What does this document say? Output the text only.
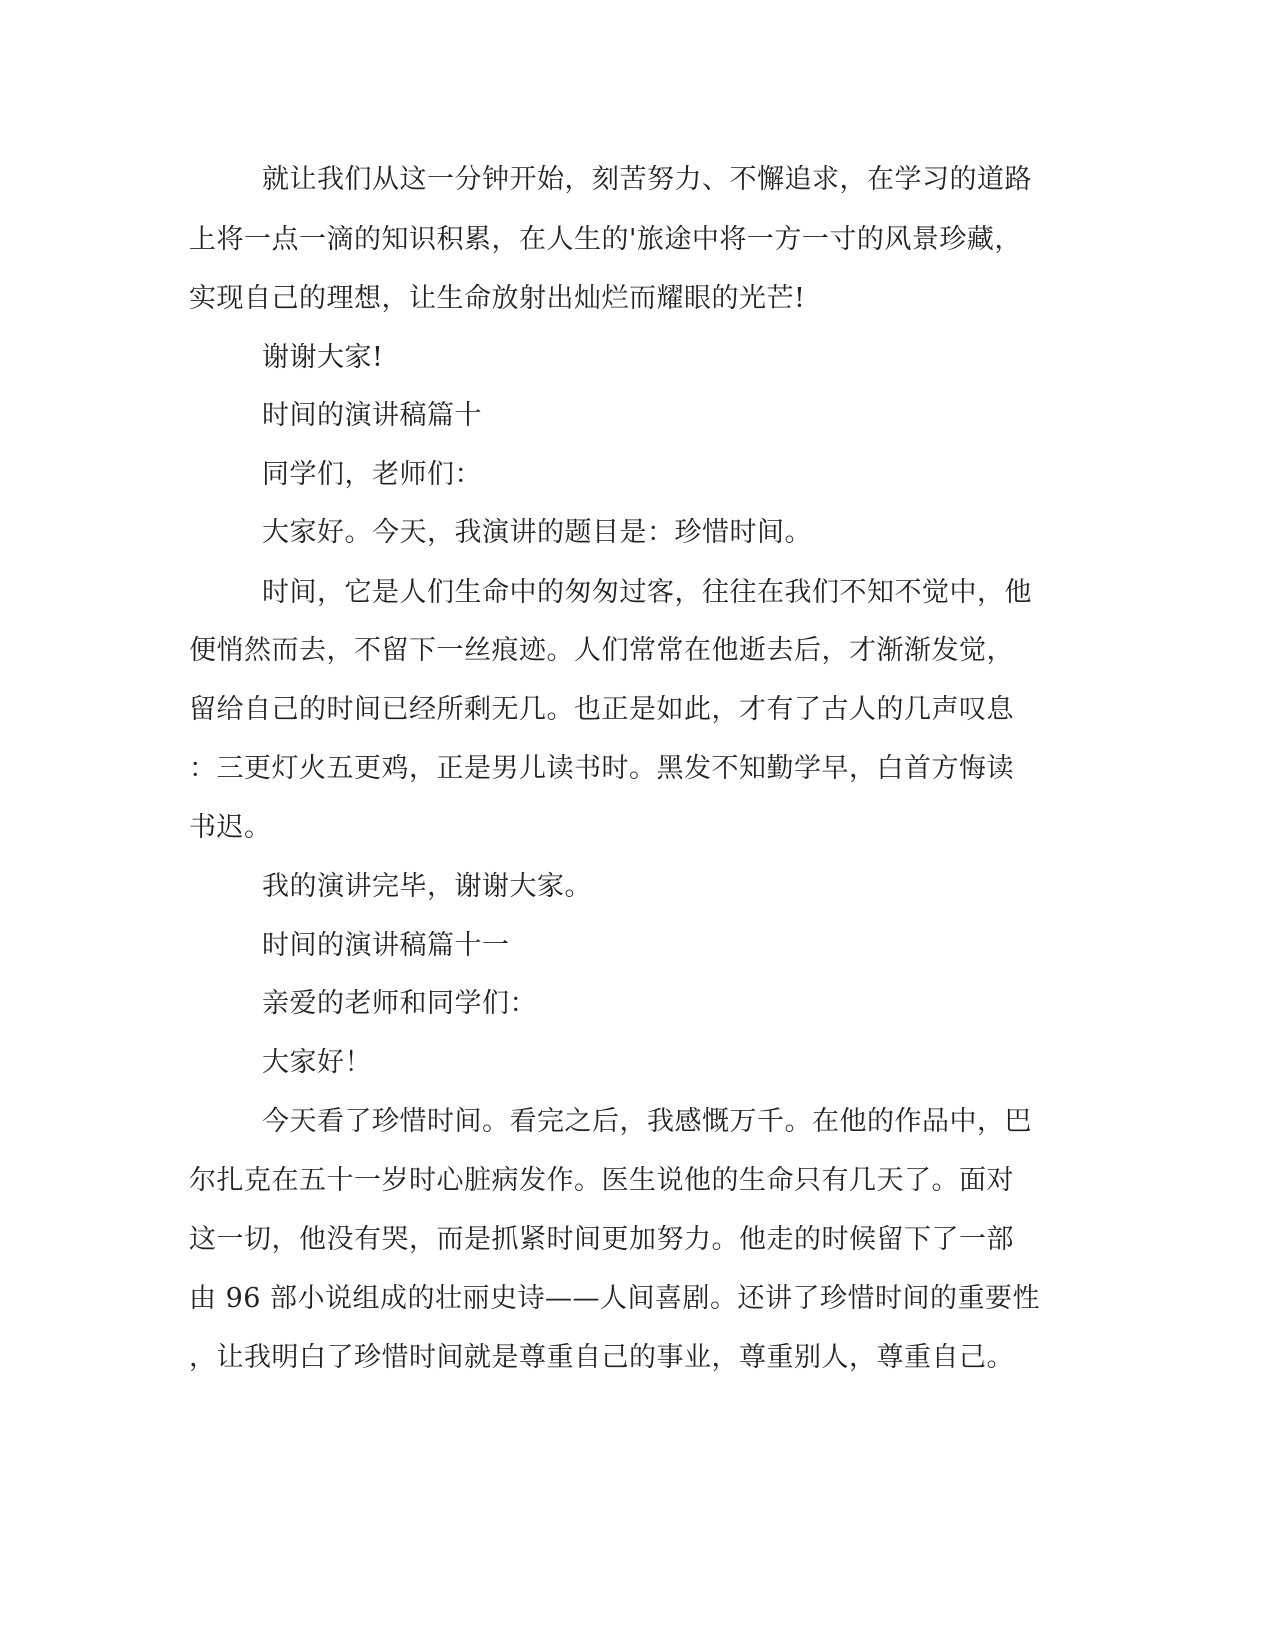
就让我们从这一分钟开始，刻苦努力、不懈追求，在学习的道路

上将一点一滴的知识积累，在人生的'旅途中将一方一寸的风景珍藏，

实现自己的理想，让生命放射出灿烂而耀眼的光芒!

谢谢大家!

时间的演讲稿篇十

同学们，老师们：

大家好。今天，我演讲的题目是：珍惜时间。

时间，它是人们生命中的匆匆过客，往往在我们不知不觉中，他

便悄然而去，不留下一丝痕迹。人们常常在他逝去后，才渐渐发觉，

留给自己的时间已经所剩无几。也正是如此，才有了古人的几声叹息

：三更灯火五更鸡，正是男儿读书时。黑发不知勤学早，白首方悔读

书迟。

我的演讲完毕，谢谢大家。

时间的演讲稿篇十一

亲爱的老师和同学们：

大家好！

今天看了珍惜时间。看完之后，我感慨万千。在他的作品中，巴

尔扎克在五十一岁时心脏病发作。医生说他的生命只有几天了。面对

这一切，他没有哭，而是抓紧时间更加努力。他走的时候留下了一部

由 96 部小说组成的壮丽史诗——人间喜剧。还讲了珍惜时间的重要性

，让我明白了珍惜时间就是尊重自己的事业，尊重别人，尊重自己。
